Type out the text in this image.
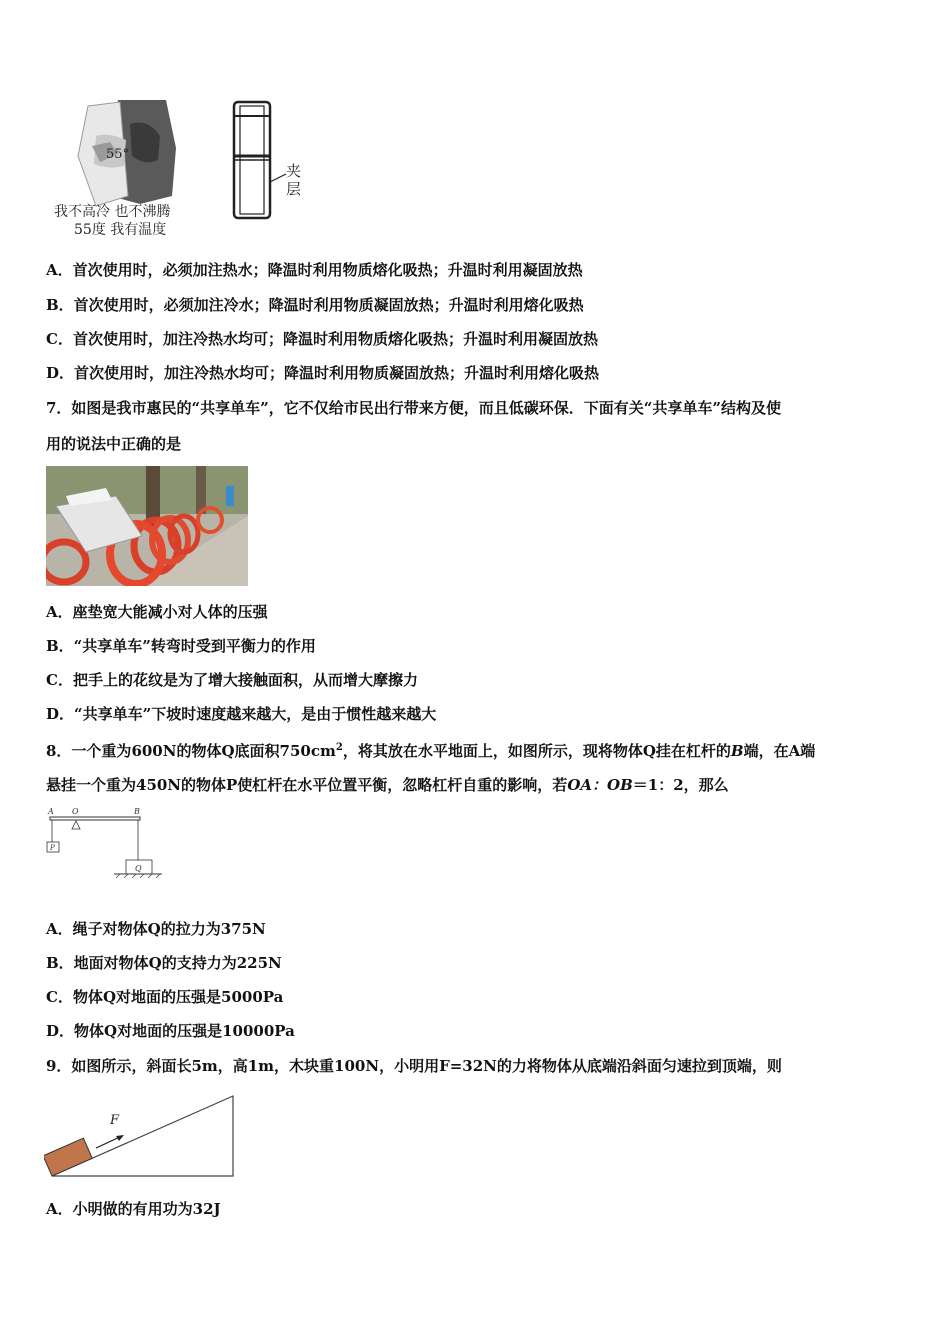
55°
我不高冷 也不沸腾
55度 我有温度
夹
层
A．首次使用时，必须加注热水；降温时利用物质熔化吸热；升温时利用凝固放热
B．首次使用时，必须加注冷水；降温时利用物质凝固放热；升温时利用熔化吸热
C．首次使用时，加注冷热水均可；降温时利用物质熔化吸热；升温时利用凝固放热
D．首次使用时，加注冷热水均可；降温时利用物质凝固放热；升温时利用熔化吸热
7．如图是我市惠民的“共享单车”，它不仅给市民出行带来方便，而且低碳环保．下面有关“共享单车”结构及使
用的说法中正确的是
A．座垫宽大能减小对人体的压强
B．“共享单车”转弯时受到平衡力的作用
C．把手上的花纹是为了增大接触面积，从而增大摩擦力
D．“共享单车”下坡时速度越来越大，是由于惯性越来越大
8．一个重为600N的物体Q底面积$750cm^2$，将其放在水平地面上，如图所示，现将物体Q挂在杠杆的B端，在A端
悬挂一个重为450N的物体P使杠杆在水平位置平衡，忽略杠杆自重的影响，若OA：OB＝1：2，那么
A O	B
P
Q
A．绳子对物体Q的拉力为375N
B．地面对物体Q的支持力为225N
C．物体Q对地面的压强是5000Pa
D．物体Q对地面的压强是10000Pa
9．如图所示，斜面长5m，高1m，木块重100N，小明用F=32N的力将物体从底端沿斜面匀速拉到顶端，则
F
A．小明做的有用功为32J
